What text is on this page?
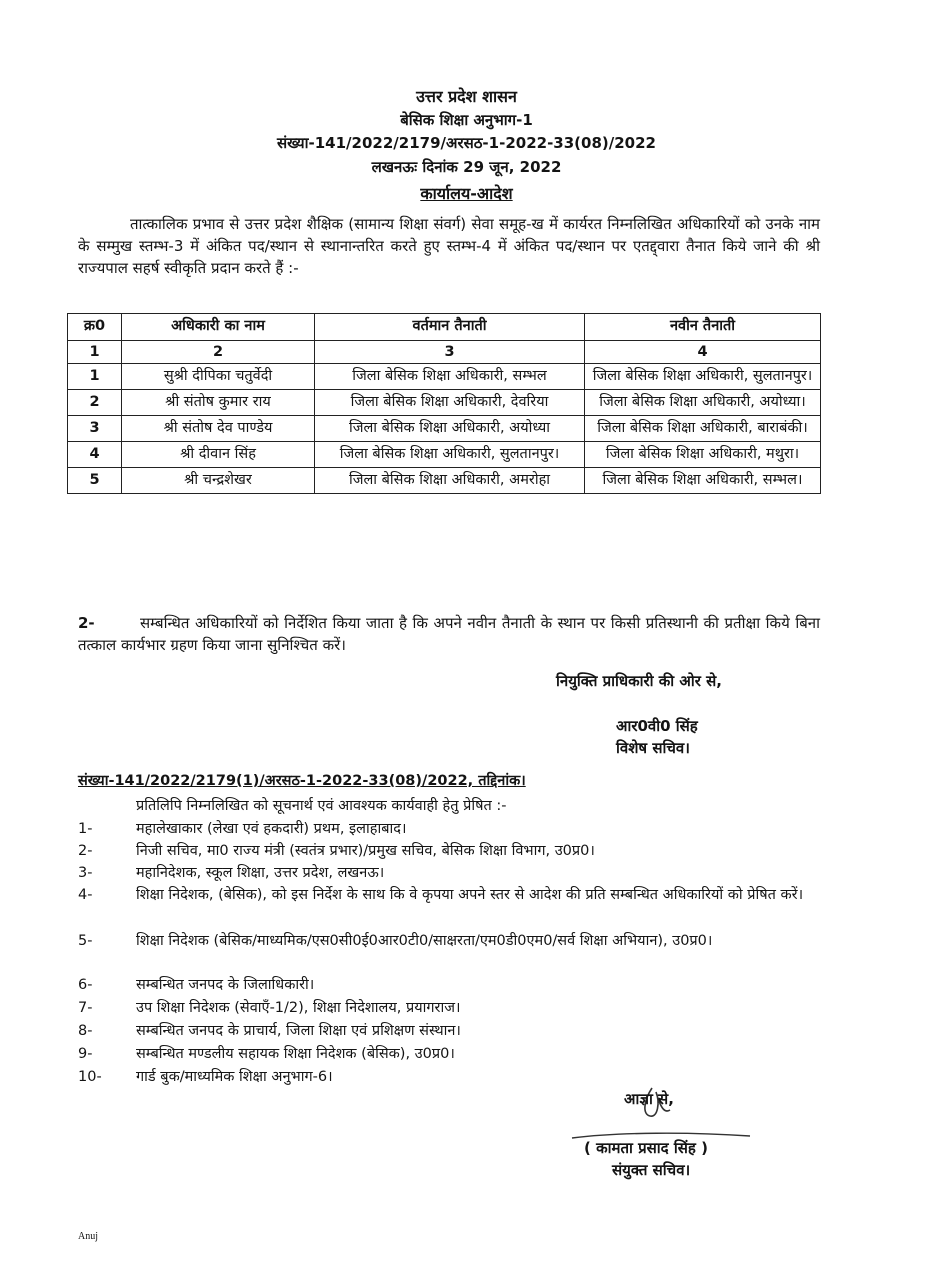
उत्तर प्रदेश शासन
बेसिक शिक्षा अनुभाग-1
संख्या-141/2022/2179/अरसठ-1-2022-33(08)/2022
लखनऊः दिनांक 29 जून, 2022
कार्यालय-आदेश
तात्कालिक प्रभाव से उत्तर प्रदेश शैक्षिक (सामान्य शिक्षा संवर्ग) सेवा समूह-ख में कार्यरत निम्नलिखित अधिकारियों को उनके नाम के सम्मुख स्तम्भ-3 में अंकित पद/स्थान से स्थानान्तरित करते हुए स्तम्भ-4 में अंकित पद/स्थान पर एतद्द्वारा तैनात किये जाने की श्री राज्यपाल सहर्ष स्वीकृति प्रदान करते हैं :-
क्र0	अधिकारी का नाम	वर्तमान तैनाती	नवीन तैनाती
1	2	3	4
1	सुश्री दीपिका चतुर्वेदी	जिला बेसिक शिक्षा अधिकारी, सम्भल	जिला बेसिक शिक्षा अधिकारी, सुलतानपुर।
2	श्री संतोष कुमार राय	जिला बेसिक शिक्षा अधिकारी, देवरिया	जिला बेसिक शिक्षा अधिकारी, अयोध्या।
3	श्री संतोष देव पाण्डेय	जिला बेसिक शिक्षा अधिकारी, अयोध्या	जिला बेसिक शिक्षा अधिकारी, बाराबंकी।
4	श्री दीवान सिंह	जिला बेसिक शिक्षा अधिकारी, सुलतानपुर।	जिला बेसिक शिक्षा अधिकारी, मथुरा।
5	श्री चन्द्रशेखर	जिला बेसिक शिक्षा अधिकारी, अमरोहा	जिला बेसिक शिक्षा अधिकारी, सम्भल।
2-	सम्बन्धित अधिकारियों को निर्देशित किया जाता है कि अपने नवीन तैनाती के स्थान पर किसी प्रतिस्थानी की प्रतीक्षा किये बिना तत्काल कार्यभार ग्रहण किया जाना सुनिश्चित करें।
नियुक्ति प्राधिकारी की ओर से,
आर0वी0 सिंह
विशेष सचिव।
संख्या-141/2022/2179(1)/अरसठ-1-2022-33(08)/2022, तद्दिनांक।
प्रतिलिपि निम्नलिखित को सूचनार्थ एवं आवश्यक कार्यवाही हेतु प्रेषित :-
1-	महालेखाकार (लेखा एवं हकदारी) प्रथम, इलाहाबाद।
2-	निजी सचिव, मा0 राज्य मंत्री (स्वतंत्र प्रभार)/प्रमुख सचिव, बेसिक शिक्षा विभाग, उ0प्र0।
3-	महानिदेशक, स्कूल शिक्षा, उत्तर प्रदेश, लखनऊ।
4-	शिक्षा निदेशक, (बेसिक), को इस निर्देश के साथ कि वे कृपया अपने स्तर से आदेश की प्रति सम्बन्धित अधिकारियों को प्रेषित करें।
5-	शिक्षा निदेशक (बेसिक/माध्यमिक/एस0सी0ई0आर0टी0/साक्षरता/एम0डी0एम0/सर्व शिक्षा अभियान), उ0प्र0।
6-	सम्बन्धित जनपद के जिलाधिकारी।
7-	उप शिक्षा निदेशक (सेवाएँ-1/2), शिक्षा निदेशालय, प्रयागराज।
8-	सम्बन्धित जनपद के प्राचार्य, जिला शिक्षा एवं प्रशिक्षण संस्थान।
9-	सम्बन्धित मण्डलीय सहायक शिक्षा निदेशक (बेसिक), उ0प्र0।
10-	गार्ड बुक/माध्यमिक शिक्षा अनुभाग-6।
आज्ञा से,
( कामता प्रसाद सिंह )
संयुक्त सचिव।
Anuj
